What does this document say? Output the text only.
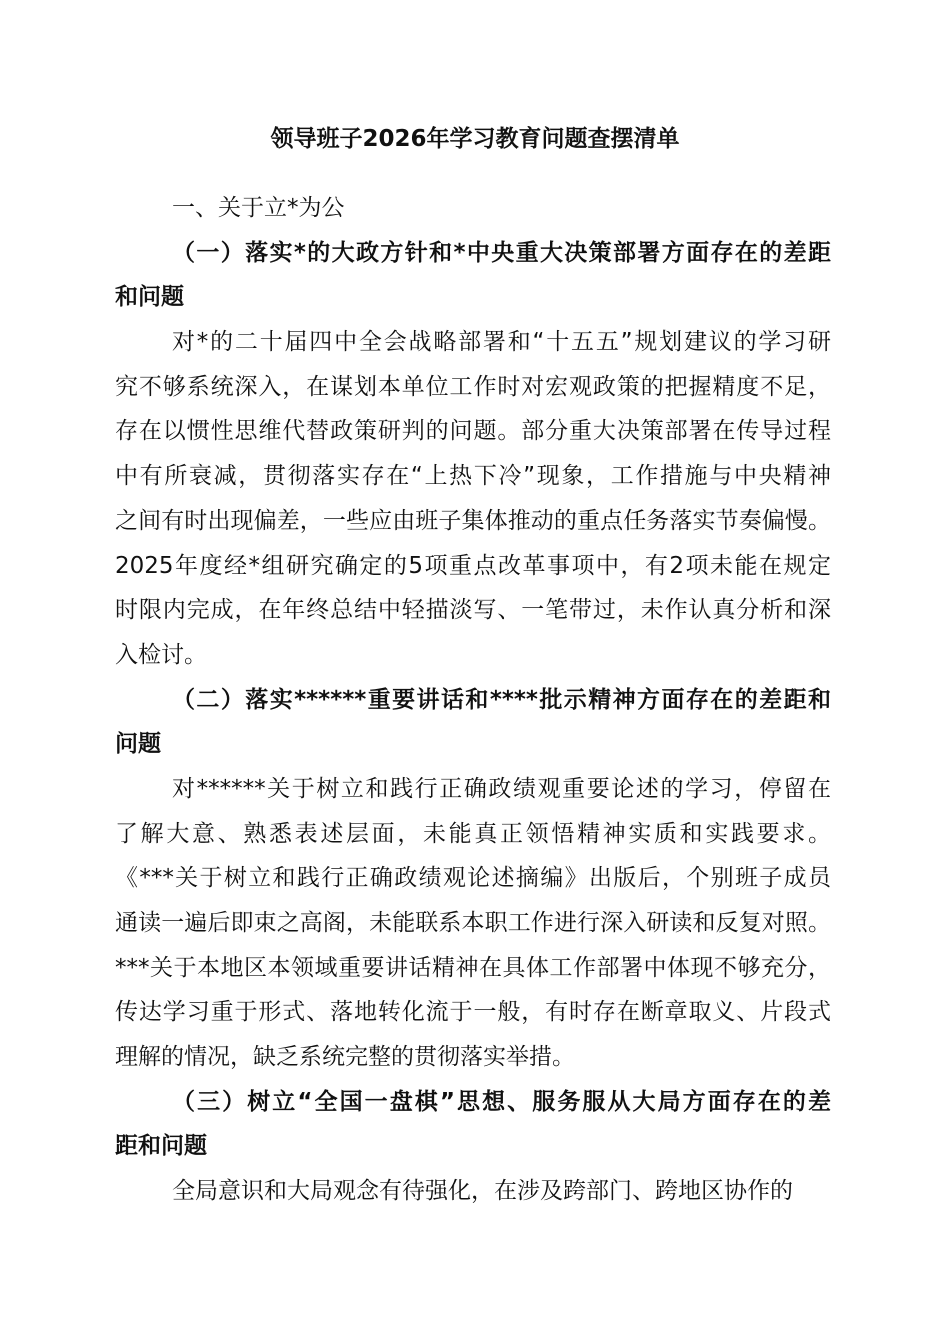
领导班子2026年学习教育问题查摆清单
一、关于立*为公
（一）落实*的大政方针和*中央重大决策部署方面存在的差距
和问题
对*的二十届四中全会战略部署和“十五五”规划建议的学习研
究不够系统深入，在谋划本单位工作时对宏观政策的把握精度不足，
存在以惯性思维代替政策研判的问题。部分重大决策部署在传导过程
中有所衰减，贯彻落实存在“上热下冷”现象，工作措施与中央精神
之间有时出现偏差，一些应由班子集体推动的重点任务落实节奏偏慢。
2025年度经*组研究确定的5项重点改革事项中，有2项未能在规定
时限内完成，在年终总结中轻描淡写、一笔带过，未作认真分析和深
入检讨。
（二）落实******重要讲话和****批示精神方面存在的差距和
问题
对******关于树立和践行正确政绩观重要论述的学习，停留在
了解大意、熟悉表述层面，未能真正领悟精神实质和实践要求。
《***关于树立和践行正确政绩观论述摘编》出版后，个别班子成员
通读一遍后即束之高阁，未能联系本职工作进行深入研读和反复对照。
***关于本地区本领域重要讲话精神在具体工作部署中体现不够充分，
传达学习重于形式、落地转化流于一般，有时存在断章取义、片段式
理解的情况，缺乏系统完整的贯彻落实举措。
（三）树立“全国一盘棋”思想、服务服从大局方面存在的差
距和问题
全局意识和大局观念有待强化，在涉及跨部门、跨地区协作的
